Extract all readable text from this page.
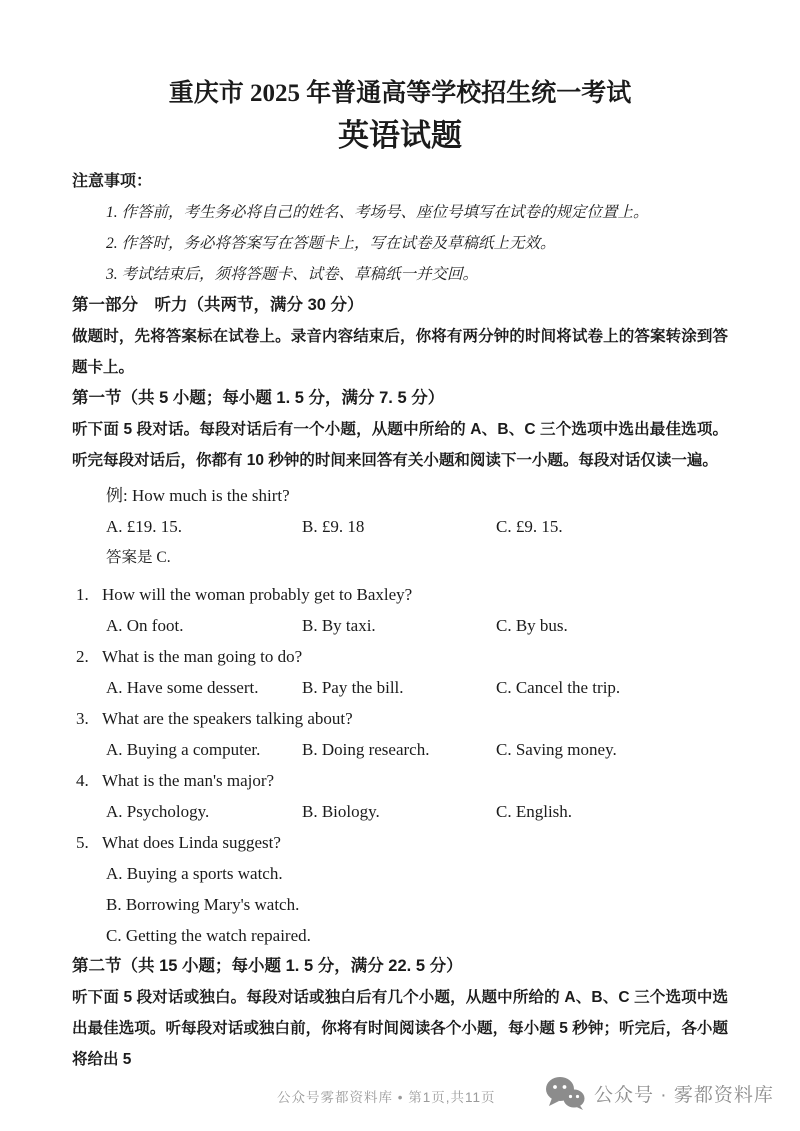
重庆市 2025 年普通高等学校招生统一考试
英语试题

注意事项：

1. 作答前，考生务必将自己的姓名、考场号、座位号填写在试卷的规定位置上。

2. 作答时，务必将答案写在答题卡上，写在试卷及草稿纸上无效。

3. 考试结束后，须将答题卡、试卷、草稿纸一并交回。

第一部分　听力（共两节，满分 30 分）

做题时，先将答案标在试卷上。录音内容结束后，你将有两分钟的时间将试卷上的答案转涂到答题卡上。

第一节（共 5 小题；每小题 1. 5 分，满分 7. 5 分）

听下面 5 段对话。每段对话后有一个小题，从题中所给的 A、B、C 三个选项中选出最佳选项。听完每段对话后，你都有 10 秒钟的时间来回答有关小题和阅读下一小题。每段对话仅读一遍。

例: How much is the shirt?

A. £19. 15.	B. £9. 18	C. £9. 15.

答案是 C.

1. How will the woman probably get to Baxley?
A. On foot.	B. By taxi.	C. By bus.
2. What is the man going to do?
A. Have some dessert.	B. Pay the bill.	C. Cancel the trip.
3. What are the speakers talking about?
A. Buying a computer.	B. Doing research.	C. Saving money.
4. What is the man's major?
A. Psychology.	B. Biology.	C. English.
5. What does Linda suggest?

A. Buying a sports watch.

B. Borrowing Mary's watch.

C. Getting the watch repaired.

第二节（共 15 小题；每小题 1. 5 分，满分 22. 5 分）

听下面 5 段对话或独白。每段对话或独白后有几个小题，从题中所给的 A、B、C 三个选项中选出最佳选项。听每段对话或独白前，你将有时间阅读各个小题，每小题 5 秒钟；听完后，各小题将给出 5

公众号雾都资料库 • 第1页,共11页	公众号 · 雾都资料库
